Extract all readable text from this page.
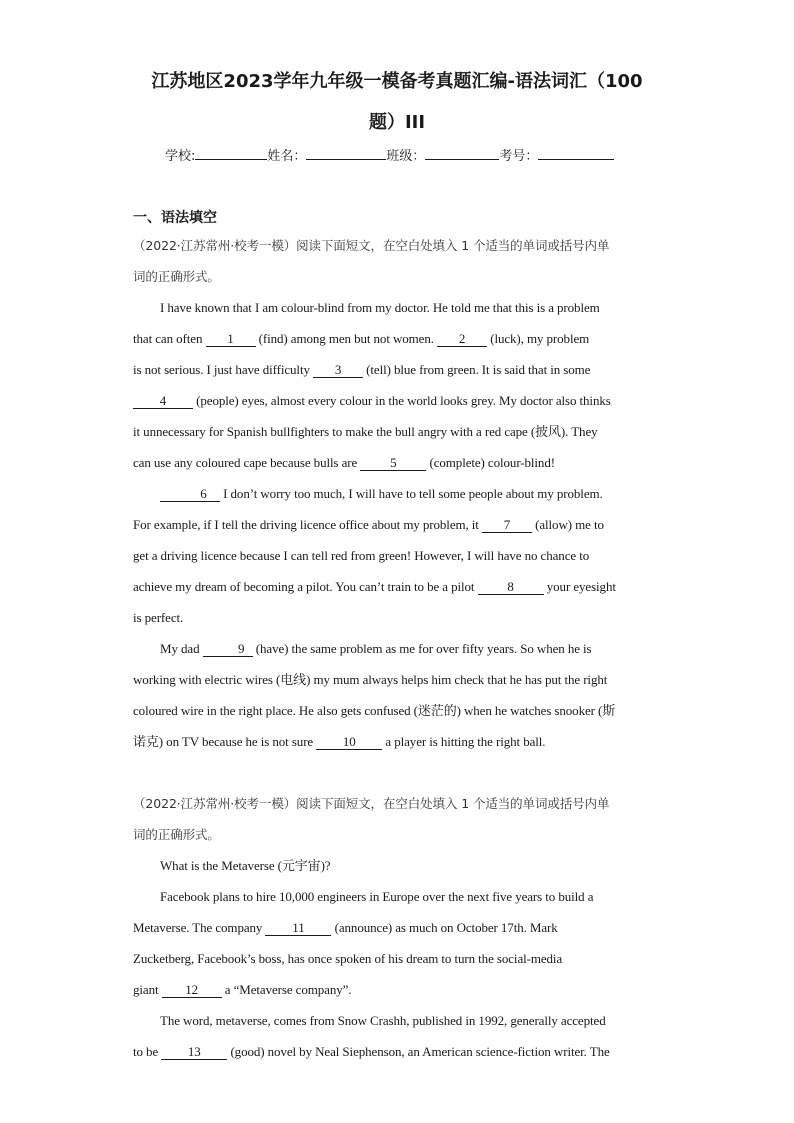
江苏地区2023学年九年级一模备考真题汇编-语法词汇（100
题）III
学校:	姓名：	班级：	考号：
一、语法填空
（2022·江苏常州·校考一模）阅读下面短文，在空白处填入 1 个适当的单词或括号内单
词的正确形式。
I have known that I am colour-blind from my doctor. He told me that this is a problem
that can often 1 (find) among men but not women. 2 (luck), my problem
is not serious. I just have difficulty 3 (tell) blue from green. It is said that in some
4 (people) eyes, almost every colour in the world looks grey. My doctor also thinks
it unnecessary for Spanish bullfighters to make the bull angry with a red cape (披风). They
can use any coloured cape because bulls are 5 (complete) colour-blind!
6 I don’t worry too much, I will have to tell some people about my problem.
For example, if I tell the driving licence office about my problem, it 7 (allow) me to
get a driving licence because I can tell red from green! However, I will have no chance to
achieve my dream of becoming a pilot. You can’t train to be a pilot 8 your eyesight
is perfect.
My dad	9 (have) the same problem as me for over fifty years. So when he is
working with electric wires (电线) my mum always helps him check that he has put the right
coloured wire in the right place. He also gets confused (迷茫的) when he watches snooker (斯
诺克) on TV because he is not sure 10 a player is hitting the right ball.
（2022·江苏常州·校考一模）阅读下面短文，在空白处填入 1 个适当的单词或括号内单
词的正确形式。
What is the Metaverse (元宇宙)?
Facebook plans to hire 10,000 engineers in Europe over the next five years to build a
Metaverse. The company 11 (announce) as much on October 17th. Mark
Zucketberg, Facebook’s boss, has once spoken of his dream to turn the social-media
giant 12 a “Metaverse company”.
The word, metaverse, comes from Snow Crashh, published in 1992, generally accepted
to be 13 (good) novel by Neal Siephenson, an American science-fiction writer. The
